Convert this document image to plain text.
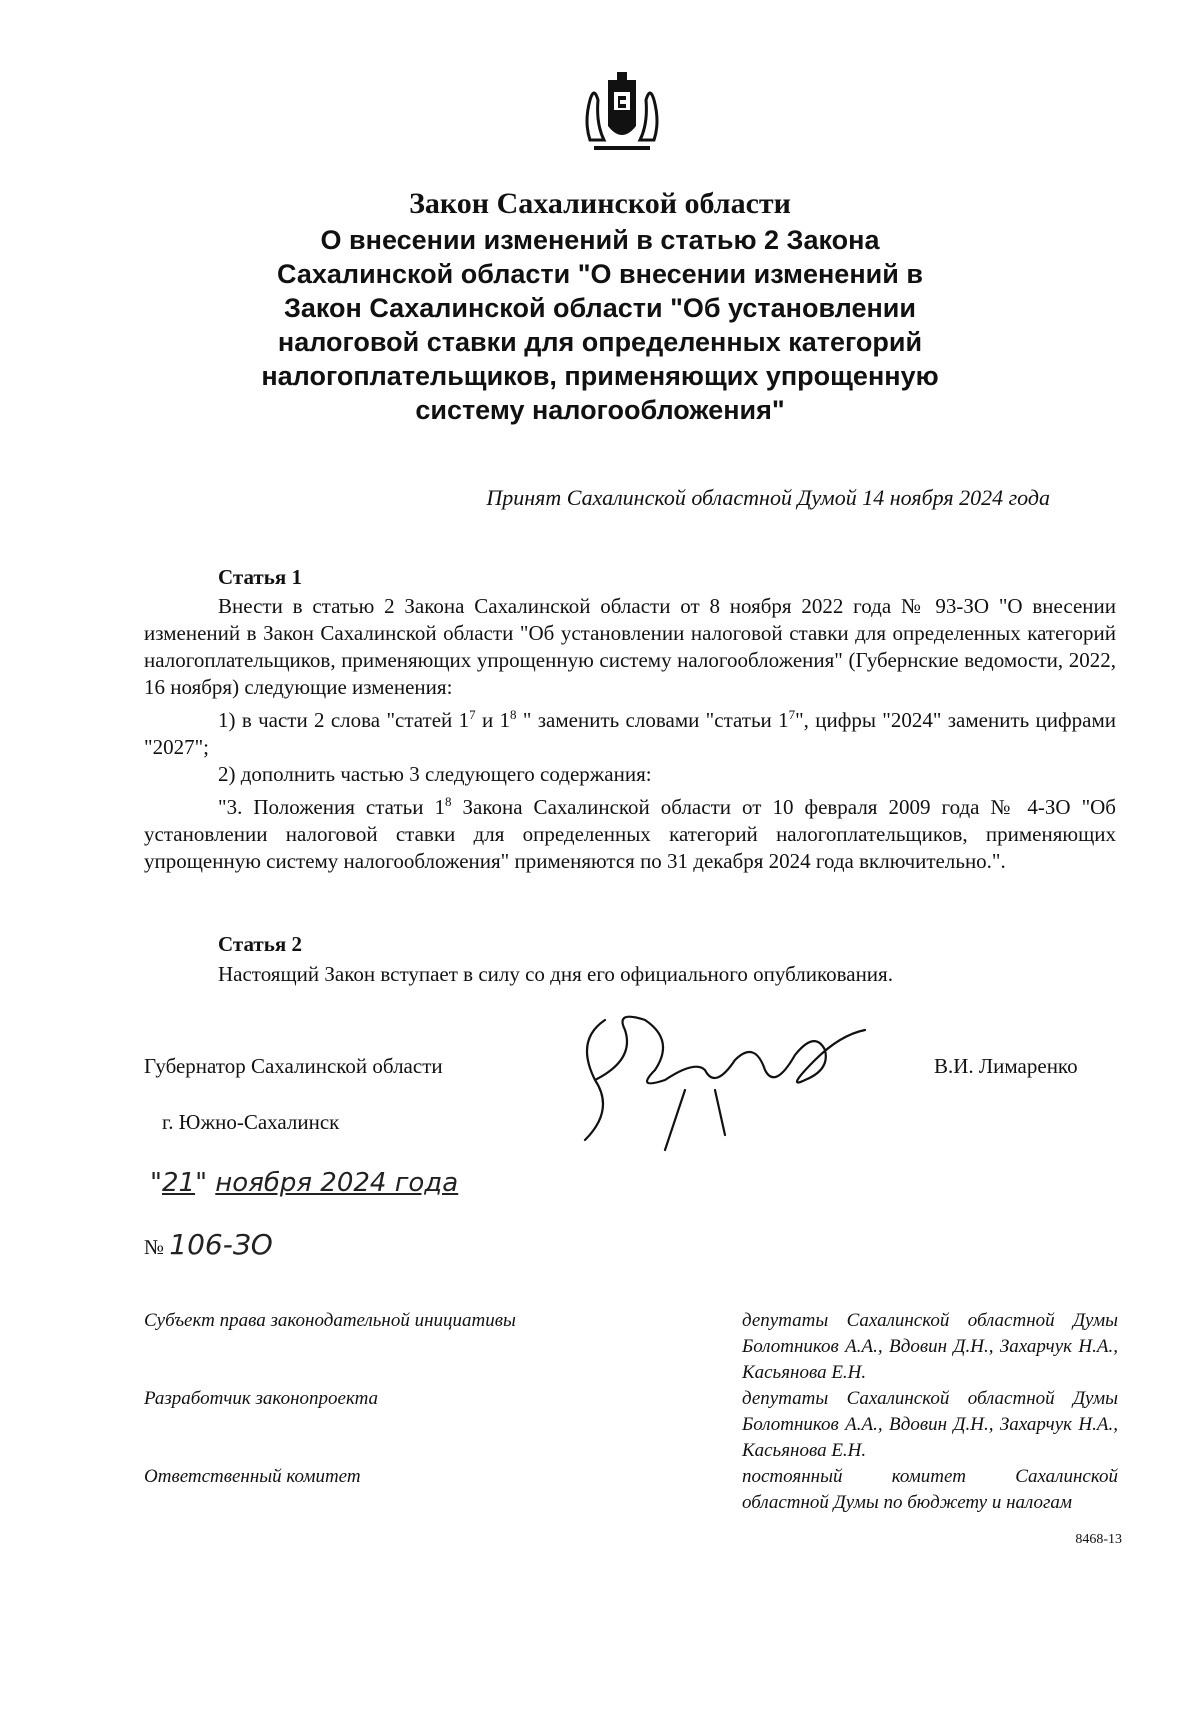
Закон Сахалинской области
О внесении изменений в статью 2 Закона
Сахалинской области "О внесении изменений в
Закон Сахалинской области "Об установлении
налоговой ставки для определенных категорий
налогоплательщиков, применяющих упрощенную
систему налогообложения"
Принят Сахалинской областной Думой 14 ноября 2024 года
Статья 1

Внести в статью 2 Закона Сахалинской области от 8 ноября 2022 года № 93-ЗО "О внесении изменений в Закон Сахалинской области "Об установлении налоговой ставки для определенных категорий налогоплательщиков, применяющих упрощенную систему налогообложения" (Губернские ведомости, 2022, 16 ноября) следующие изменения:

1) в части 2 слова "статей $1^7$ и $1^8$ " заменить словами "статьи $1^7$", цифры "2024" заменить цифрами "2027";

2) дополнить частью 3 следующего содержания:

"3. Положения статьи $1^8$ Закона Сахалинской области от 10 февраля 2009 года № 4-ЗО "Об установлении налоговой ставки для определенных категорий налогоплательщиков, применяющих упрощенную систему налогообложения" применяются по 31 декабря 2024 года включительно.".

Статья 2
Настоящий Закон вступает в силу со дня его официального опубликования.
Губернатор Сахалинской области	В.И. Лимаренко
г. Южно-Сахалинск
"21" ноября 2024 года
№ 106-ЗО
Субъект права законодательной инициативы	депутаты Сахалинской областной Думы Болотников А.А., Вдовин Д.Н., Захарчук Н.А., Касьянова Е.Н.
Разработчик законопроекта	депутаты Сахалинской областной Думы Болотников А.А., Вдовин Д.Н., Захарчук Н.А., Касьянова Е.Н.
Ответственный комитет	постоянный комитет Сахалинской областной Думы по бюджету и налогам
8468-13
